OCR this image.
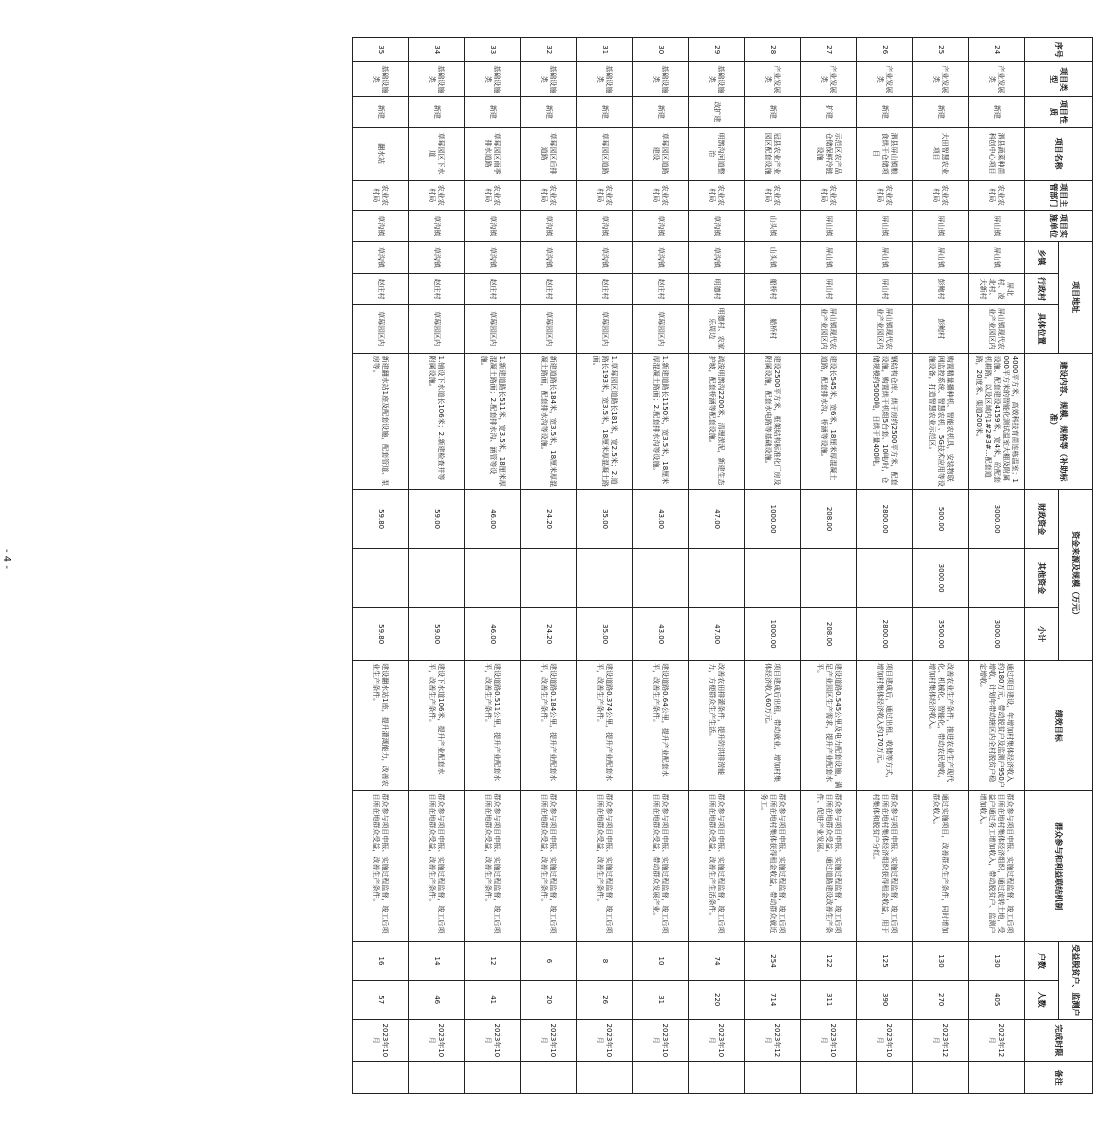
序号	项目类型	项目性质	项目名称	项目主管部门	项目实施单位	项目地址			建设内容、规模、规格等（补助标准）	资金来源及规模（万元）			绩效目标	群众参与和利益联结机制	受益脱贫户、监测户		完成时限	备注
						乡镇	行政村	具体位置		财政资金	其他资金	小计			户数	人数		
24	产业发展类	新建	泗县蔬菜种苗科创中心项目	农业农村局	屏山镇	屏山镇	屏北村、凌北村、大新村	屏山镇现代农业产业园区内	4000平方米，高效科技育苗连栋温室；1000平方米的智能化测试温室大棚及附属设施、配套建设4159米，宽4米，砼配套机耕路，以及区域内1#2#3#…配套道路，20度米、渠道200米。	3000.00		3000.00	通过项目建设，年增加村集体经济收入约180万元，带动脱贫户及监测户950户增收，计划年带动辖区内全村脱贫户稳定增收。	群众参与项目申报、实施过程监督，竣工后项目所在地村集体经济组织，通过流转土地，受益户通过务工增加收入，带动脱贫户、监测户增加收入。	130	405	2023年12月	
25	产业发展类	新建	大田智慧农业项目	农业农村局	屏山镇	屏山镇	彭鲍村	彭鲍村	购置精量播种机、智能农机具，安装物联网监控系统、智慧农机 、5G技术应用等设施设备，打造智慧农业示范区。	500.00	3000.00	3500.00	改善农业生产条件，推进农业生产现代化、机械化、智能化，带动农民增收，增加村集体经济收入。	通过实施项目，改善群众生产条件，同时增加群众收入。	130	270	2023年12月	
26	产业发展类	新建	泗县屏山镇粮食烘干仓储项目	农业农村局	屏山镇	屏山镇	屏山村	屏山镇现代农业产业园区内	钢结构仓库、烘干房约2500平方米，配套设施，购置烘干机组5台套、10吨/时，仓储规模约5000吨，日烘干量400吨。	2800.00		2800.00	项目建成后，通过出租、收储等方式，增加村集体经济收入约170万元。	群众参与项目申报、实施过程监督，竣工后项目所在地村集体经济组织获得租金收益，用于村集体和脱贫户分红。	125	390	2023年10月	
27	产业发展类	扩建	示范区农产品仓储保鲜冷链设施	农业农村局	屏山镇	屏山镇	屏山村	屏山镇现代农业产业园区内	建设长545米，宽6米，18厘米厚混凝土道路，配套排水沟、桥涵等设施。	208.00		208.00	建设道路0.545公里及电力配套设施，满足产业园区生产需求，提升产业配套水平。	群众参与项目申报、实施过程监督，竣工后项目所在地群众受益，通过道路建设改善生产条件、促进产业发展。	122	311	2023年10月	
28	产业发展类	新建	冠县农业产业园区配套设施	农业农村局	山头镇	山头镇	船桥村	船桥村	建设2500平方米，框架结构标准化厂房及附属设施，配套水电路等基础设施。	1000.00		1000.00	项目建成后出租，带动就业，增加村集体经济收入60万元。	群众参与项目申报、实施过程监督，竣工后项目所在地村集体获得租金收益，带动群众就近务工。	254	714	2023年12月	
29	基础设施类	改扩建	明鹊沟河道整治	农业农村局	草沟镇	草沟镇	明德村	明德村、农家乐周边	疏浚明鹊沟2200米，清理淤泥，新建生态护坡，配套桥涵等配套设施。	47.00		47.00	改善农田排灌条件，提升防洪排涝能力，方便群众生产生活。	群众参与项目申报、实施过程监督，竣工后项目所在地群众受益，改善生产生活条件。	74	220	2023年10月	
30	基础设施类	新建	草莓园区道路建设	农业农村局	草沟镇	草沟镇	赵庄村	草莓园区内	1.新建道路长1150米，宽3.5米，18厘米厚混凝土路面；2.配套排水沟等设施。	43.00		43.00	建设道路0.64公里，提升产业配套水平，改善生产条件。	群众参与项目申报、实施过程监督，竣工后项目所在地群众受益，带动群众发展产业。	10	31	2023年10月	
31	基础设施类	新建	草莓园区道路	农业农村局	草沟镇	草沟镇	赵庄村	草莓园区内	1.草莓园区道路长181米，宽2.5米；2.道路长193米，宽3.5米，18厘米厚混凝土路面。	35.00		35.00	建设道路0.374公里，提升产业配套水平，改善生产条件。	群众参与项目申报、实施过程监督，竣工后项目所在地群众受益，改善生产条件。	8	26	2023年10月	
32	基础设施类	新建	草莓园区后排道路	农业农村局	草沟镇	草沟镇	赵庄村	草莓园区内	新建道路长184米，宽3.5米，18厘米厚混凝土路面，配套排水沟等设施。	24.20		24.20	建设道路0.184公里，提升产业配套水平，改善生产条件。	群众参与项目申报、实施过程监督，竣工后项目所在地群众受益，改善生产条件。	6	20	2023年10月	
33	基础设施类	新建	草莓园区雨季排水道路	农业农村局	草沟镇	草沟镇	赵庄村	草莓园区内	1.新建道路长511米，宽3.5米，18厘米厚混凝土路面；2.配套排水沟、涵管等设施。	46.00		46.00	建设道路0.511公里，提升产业配套水平，改善生产条件。	群众参与项目申报、实施过程监督，竣工后项目所在地群众受益，改善生产条件。	12	41	2023年10月	
34	基础设施类	新建	草莓园区下水道	农业农村局	草沟镇	草沟镇	赵庄村	草莓园区内	1.铺设下水道长106米；2.新建检查井等附属设施。	59.00		59.00	建设下水道106米，提升产业配套水平，改善生产条件。	群众参与项目申报、实施过程监督，竣工后项目所在地群众受益，改善生产条件。	14	46	2023年10月	
35	基础设施类	新建	翻水站	农业农村局	草沟镇	草沟镇	赵庄村	草莓园区内	新建翻水站1座及配套设施，配套管道、泵房等。	59.80		59.80	建设翻水站1座，提升灌溉能力，改善农业生产条件。	群众参与项目申报、实施过程监督，竣工后项目所在地群众受益，改善生产条件。	16	57	2023年10月	
- 4 -
